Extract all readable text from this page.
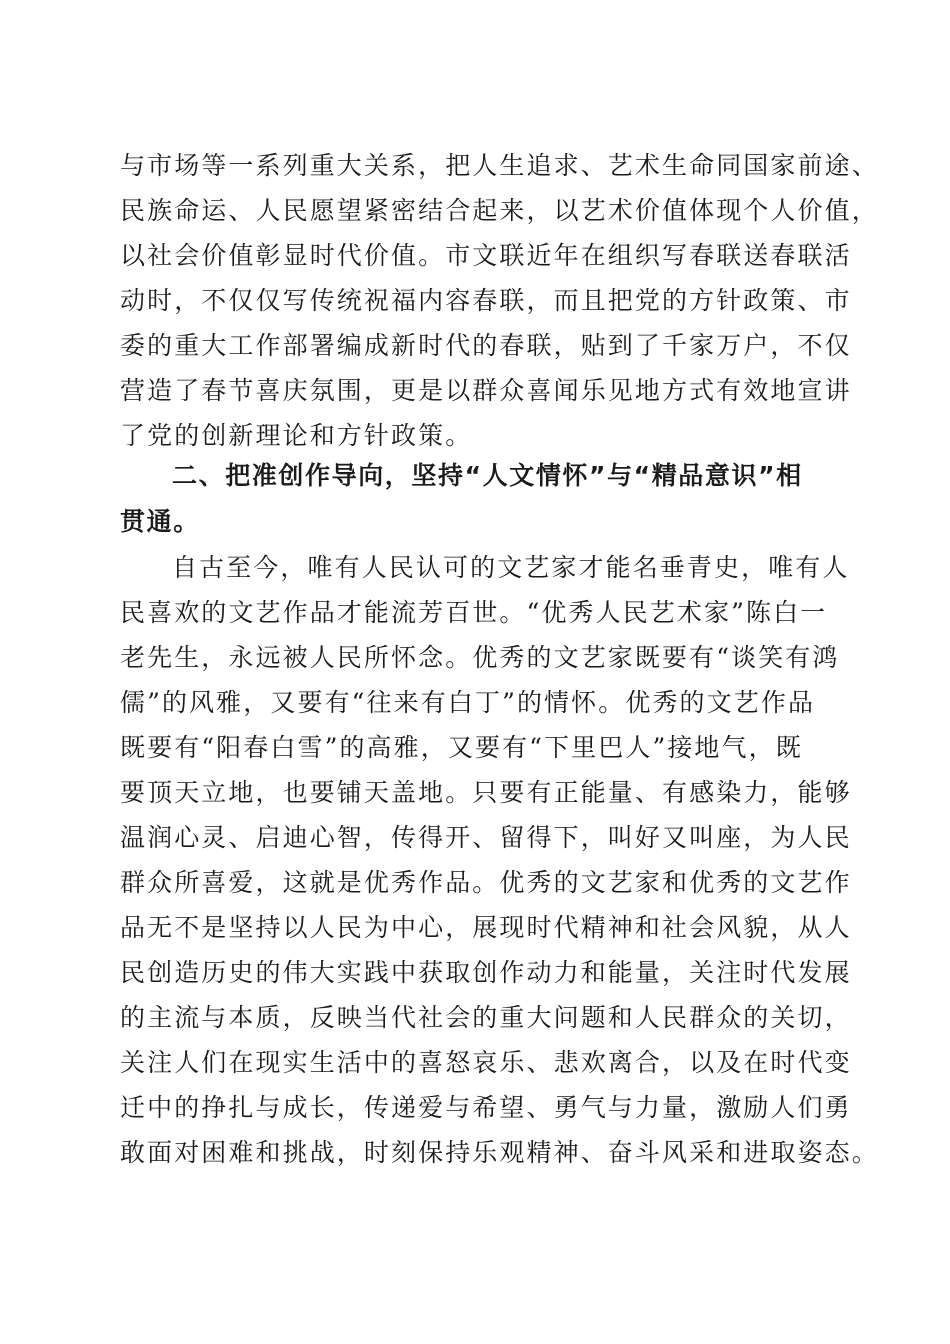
与市场等一系列重大关系，把人生追求、艺术生命同国家前途、
民族命运、人民愿望紧密结合起来，以艺术价值体现个人价值，
以社会价值彰显时代价值。市文联近年在组织写春联送春联活
动时，不仅仅写传统祝福内容春联，而且把党的方针政策、市
委的重大工作部署编成新时代的春联，贴到了千家万户，不仅
营造了春节喜庆氛围，更是以群众喜闻乐见地方式有效地宣讲
了党的创新理论和方针政策。
二、把准创作导向，坚持“人文情怀”与“精品意识”相
贯通。
自古至今，唯有人民认可的文艺家才能名垂青史，唯有人
民喜欢的文艺作品才能流芳百世。“优秀人民艺术家”陈白一
老先生，永远被人民所怀念。优秀的文艺家既要有“谈笑有鸿
儒”的风雅，又要有“往来有白丁”的情怀。优秀的文艺作品
既要有“阳春白雪”的高雅，又要有“下里巴人”接地气，既
要顶天立地，也要铺天盖地。只要有正能量、有感染力，能够
温润心灵、启迪心智，传得开、留得下，叫好又叫座，为人民
群众所喜爱，这就是优秀作品。优秀的文艺家和优秀的文艺作
品无不是坚持以人民为中心，展现时代精神和社会风貌，从人
民创造历史的伟大实践中获取创作动力和能量，关注时代发展
的主流与本质，反映当代社会的重大问题和人民群众的关切，
关注人们在现实生活中的喜怒哀乐、悲欢离合，以及在时代变
迁中的挣扎与成长，传递爱与希望、勇气与力量，激励人们勇
敢面对困难和挑战，时刻保持乐观精神、奋斗风采和进取姿态。
